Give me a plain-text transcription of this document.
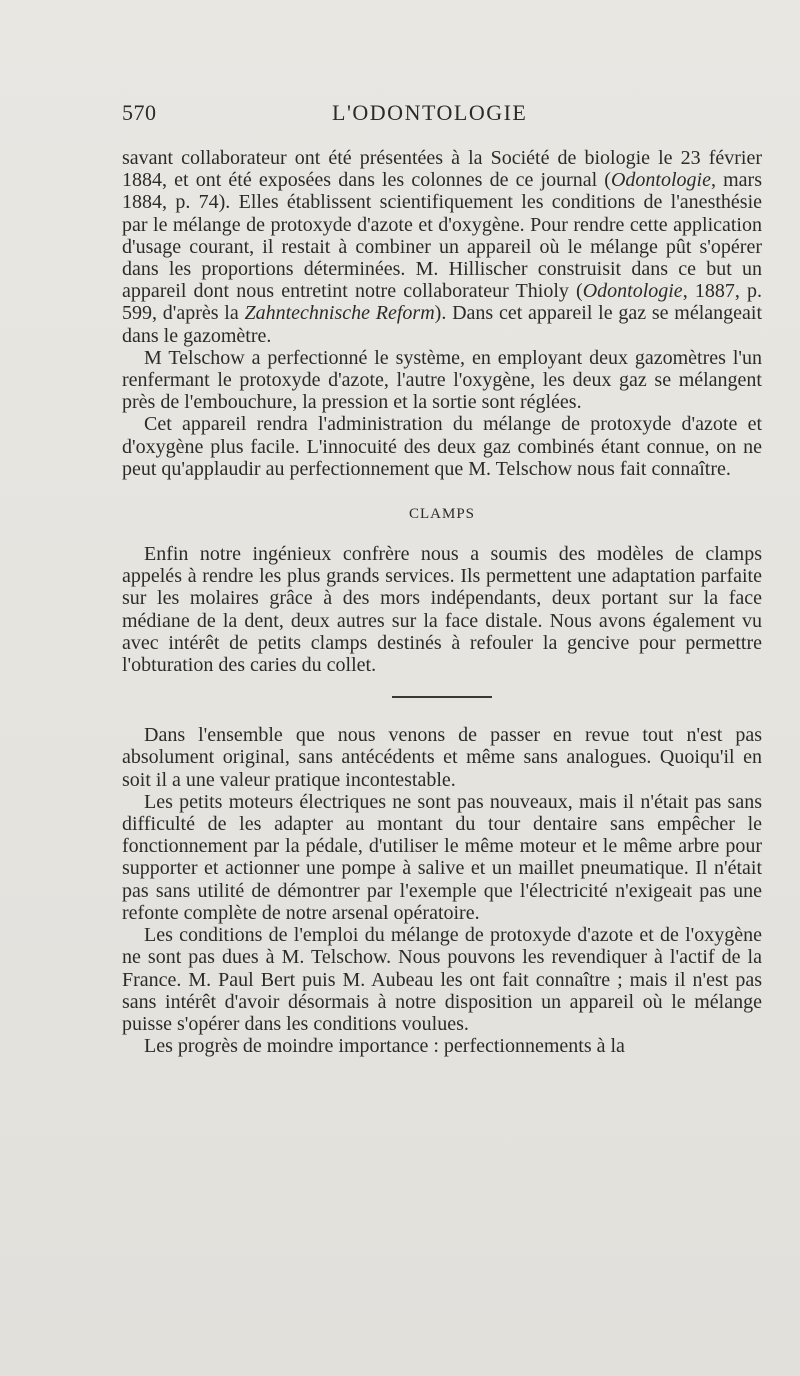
570	L'ODONTOLOGIE

savant collaborateur ont été présentées à la Société de biologie le 23 février 1884, et ont été exposées dans les colonnes de ce journal (Odontologie, mars 1884, p. 74). Elles établissent scientifiquement les conditions de l'anesthésie par le mélange de protoxyde d'azote et d'oxygène. Pour rendre cette application d'usage courant, il restait à combiner un appareil où le mélange pût s'opérer dans les proportions déterminées. M. Hillischer construisit dans ce but un appareil dont nous entretint notre collaborateur Thioly (Odontologie, 1887, p. 599, d'après la Zahntechnische Reform). Dans cet appareil le gaz se mélangeait dans le gazomètre.

M Telschow a perfectionné le système, en employant deux gazomètres l'un renfermant le protoxyde d'azote, l'autre l'oxygène, les deux gaz se mélangent près de l'embouchure, la pression et la sortie sont réglées.

Cet appareil rendra l'administration du mélange de protoxyde d'azote et d'oxygène plus facile. L'innocuité des deux gaz combinés étant connue, on ne peut qu'applaudir au perfectionnement que M. Telschow nous fait connaître.

CLAMPS

Enfin notre ingénieux confrère nous a soumis des modèles de clamps appelés à rendre les plus grands services. Ils permettent une adaptation parfaite sur les molaires grâce à des mors indépendants, deux portant sur la face médiane de la dent, deux autres sur la face distale. Nous avons également vu avec intérêt de petits clamps destinés à refouler la gencive pour permettre l'obturation des caries du collet.

Dans l'ensemble que nous venons de passer en revue tout n'est pas absolument original, sans antécédents et même sans analogues. Quoiqu'il en soit il a une valeur pratique incontestable.

Les petits moteurs électriques ne sont pas nouveaux, mais il n'était pas sans difficulté de les adapter au montant du tour dentaire sans empêcher le fonctionnement par la pédale, d'utiliser le même moteur et le même arbre pour supporter et actionner une pompe à salive et un maillet pneumatique. Il n'était pas sans utilité de démontrer par l'exemple que l'électricité n'exigeait pas une refonte complète de notre arsenal opératoire.

Les conditions de l'emploi du mélange de protoxyde d'azote et de l'oxygène ne sont pas dues à M. Telschow. Nous pouvons les revendiquer à l'actif de la France. M. Paul Bert puis M. Aubeau les ont fait connaître ; mais il n'est pas sans intérêt d'avoir désormais à notre disposition un appareil où le mélange puisse s'opérer dans les conditions voulues.

Les progrès de moindre importance : perfectionnements à la
